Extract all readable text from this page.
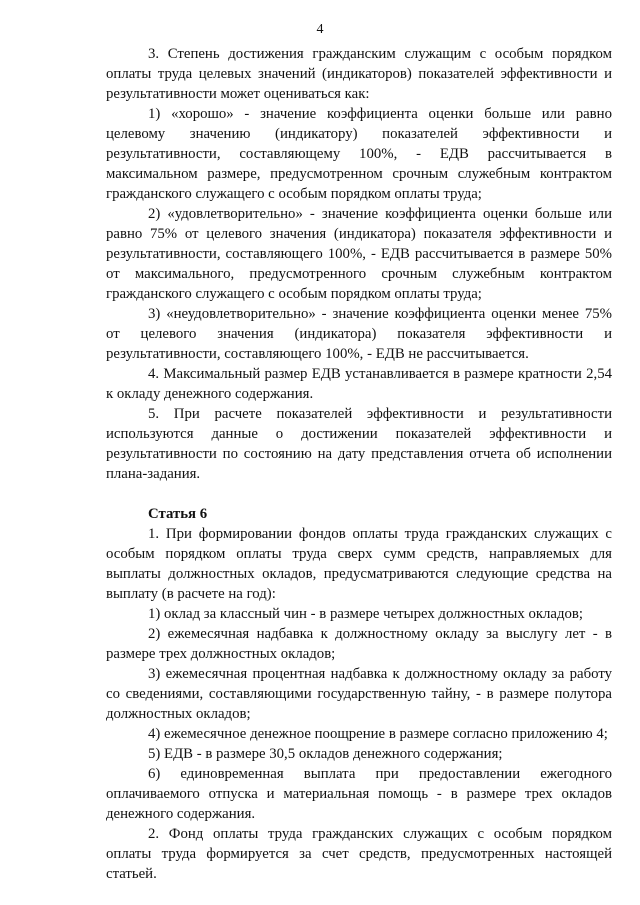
4

3. Степень достижения гражданским служащим с особым порядком оплаты труда целевых значений (индикаторов) показателей эффективности и результативности может оцениваться как:

1) «хорошо» - значение коэффициента оценки больше или равно целевому значению (индикатору) показателей эффективности и результативности, составляющему 100%, - ЕДВ рассчитывается в максимальном размере, предусмотренном срочным служебным контрактом гражданского служащего с особым порядком оплаты труда;

2) «удовлетворительно» - значение коэффициента оценки больше или равно 75% от целевого значения (индикатора) показателя эффективности и результативности, составляющего 100%, - ЕДВ рассчитывается в размере 50% от максимального, предусмотренного срочным служебным контрактом гражданского служащего с особым порядком оплаты труда;

3) «неудовлетворительно» - значение коэффициента оценки менее 75% от целевого значения (индикатора) показателя эффективности и результативности, составляющего 100%, - ЕДВ не рассчитывается.

4. Максимальный размер ЕДВ устанавливается в размере кратности 2,54 к окладу денежного содержания.

5. При расчете показателей эффективности и результативности используются данные о достижении показателей эффективности и результативности по состоянию на дату представления отчета об исполнении плана-задания.

Статья 6

1. При формировании фондов оплаты труда гражданских служащих с особым порядком оплаты труда сверх сумм средств, направляемых для выплаты должностных окладов, предусматриваются следующие средства на выплату (в расчете на год):

1) оклад за классный чин - в размере четырех должностных окладов;

2) ежемесячная надбавка к должностному окладу за выслугу лет - в размере трех должностных окладов;

3) ежемесячная процентная надбавка к должностному окладу за работу со сведениями, составляющими государственную тайну, - в размере полутора должностных окладов;

4) ежемесячное денежное поощрение в размере согласно приложению 4;

5) ЕДВ - в размере 30,5 окладов денежного содержания;

6) единовременная выплата при предоставлении ежегодного оплачиваемого отпуска и материальная помощь - в размере трех окладов денежного содержания.

2. Фонд оплаты труда гражданских служащих с особым порядком оплаты труда формируется за счет средств, предусмотренных настоящей статьей.
